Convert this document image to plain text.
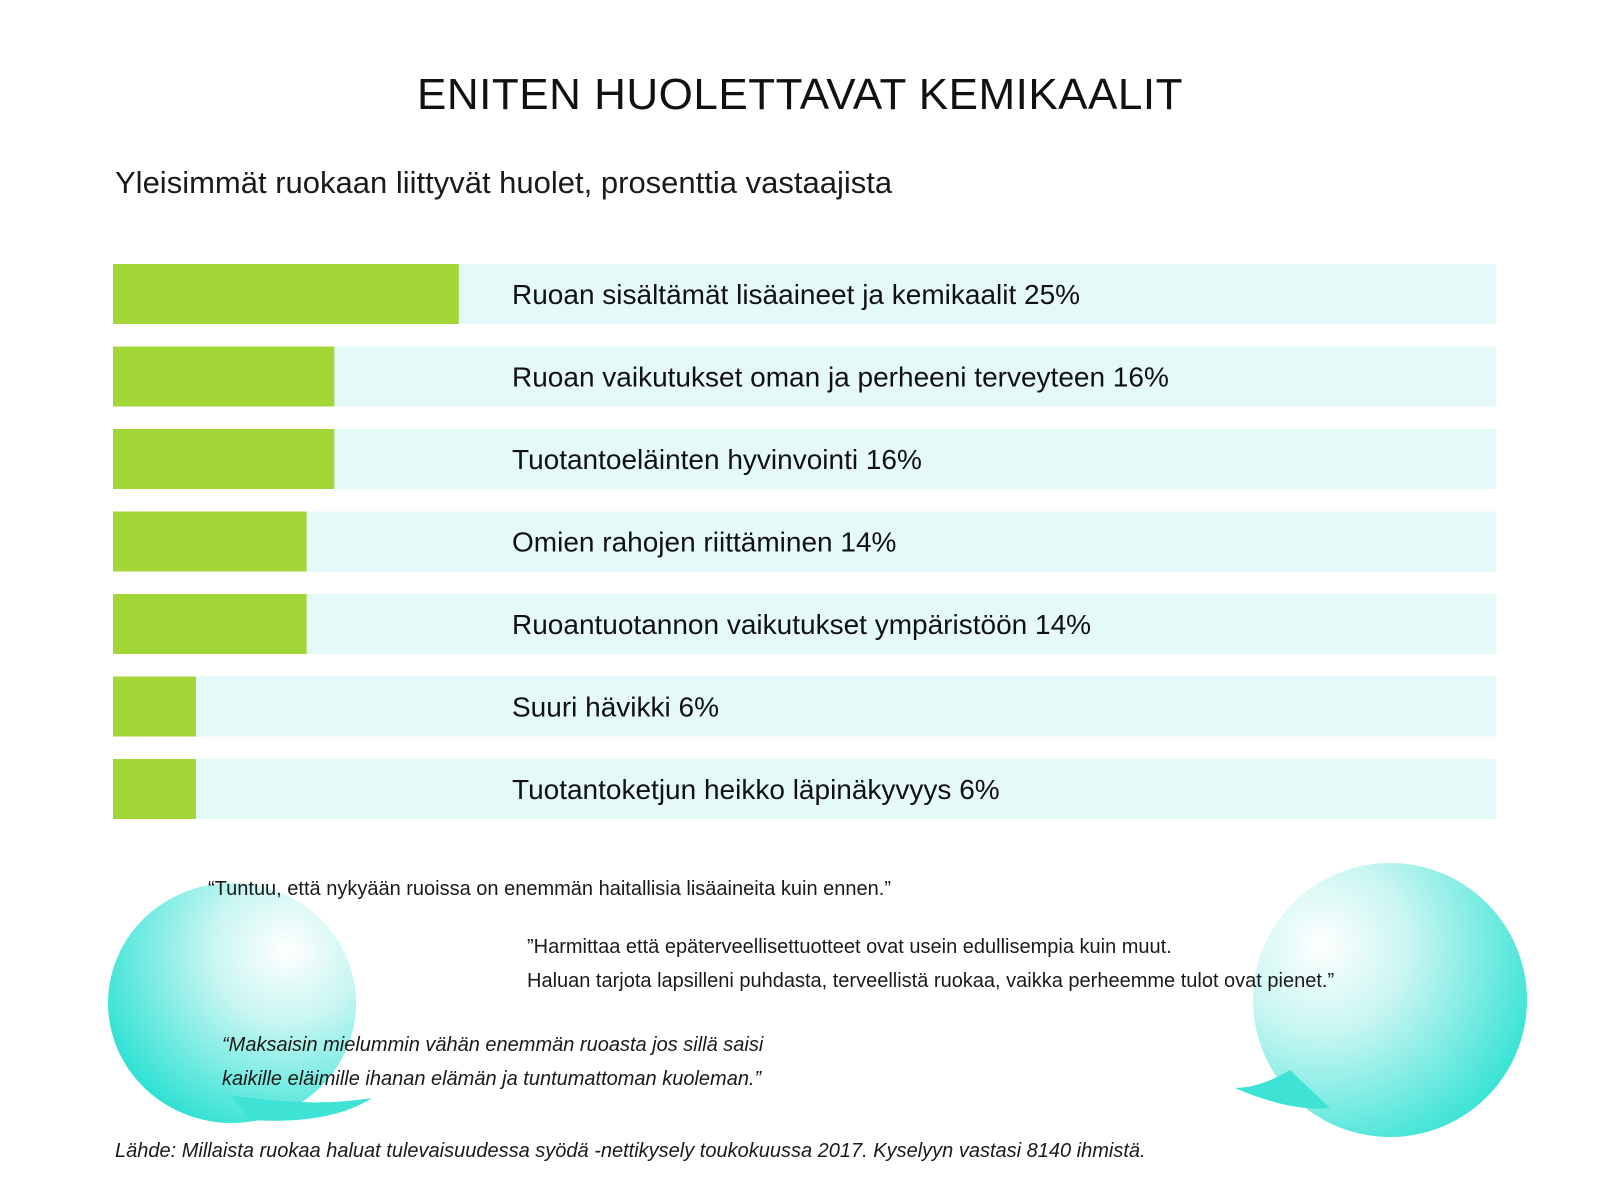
ENITEN HUOLETTAVAT KEMIKAALIT
Yleisimmät ruokaan liittyvät huolet, prosenttia vastaajista
Ruoan sisältämät lisäaineet ja kemikaalit 25%
Ruoan vaikutukset oman ja perheeni terveyteen 16%
Tuotantoeläinten hyvinvointi 16%
Omien rahojen riittäminen 14%
Ruoantuotannon vaikutukset ympäristöön 14%
Suuri hävikki 6%
Tuotantoketjun heikko läpinäkyvyys 6%
“Tuntuu, että nykyään ruoissa on enemmän haitallisia lisäaineita kuin ennen.”
”Harmittaa että epäterveellisettuotteet ovat usein edullisempia kuin muut.
Haluan tarjota lapsilleni puhdasta, terveellistä ruokaa, vaikka perheemme tulot ovat pienet.”
“Maksaisin mielummin vähän enemmän ruoasta jos sillä saisi
kaikille eläimille ihanan elämän ja tuntumattoman kuoleman.”
Lähde: Millaista ruokaa haluat tulevaisuudessa syödä -nettikysely toukokuussa 2017. Kyselyyn vastasi 8140 ihmistä.
